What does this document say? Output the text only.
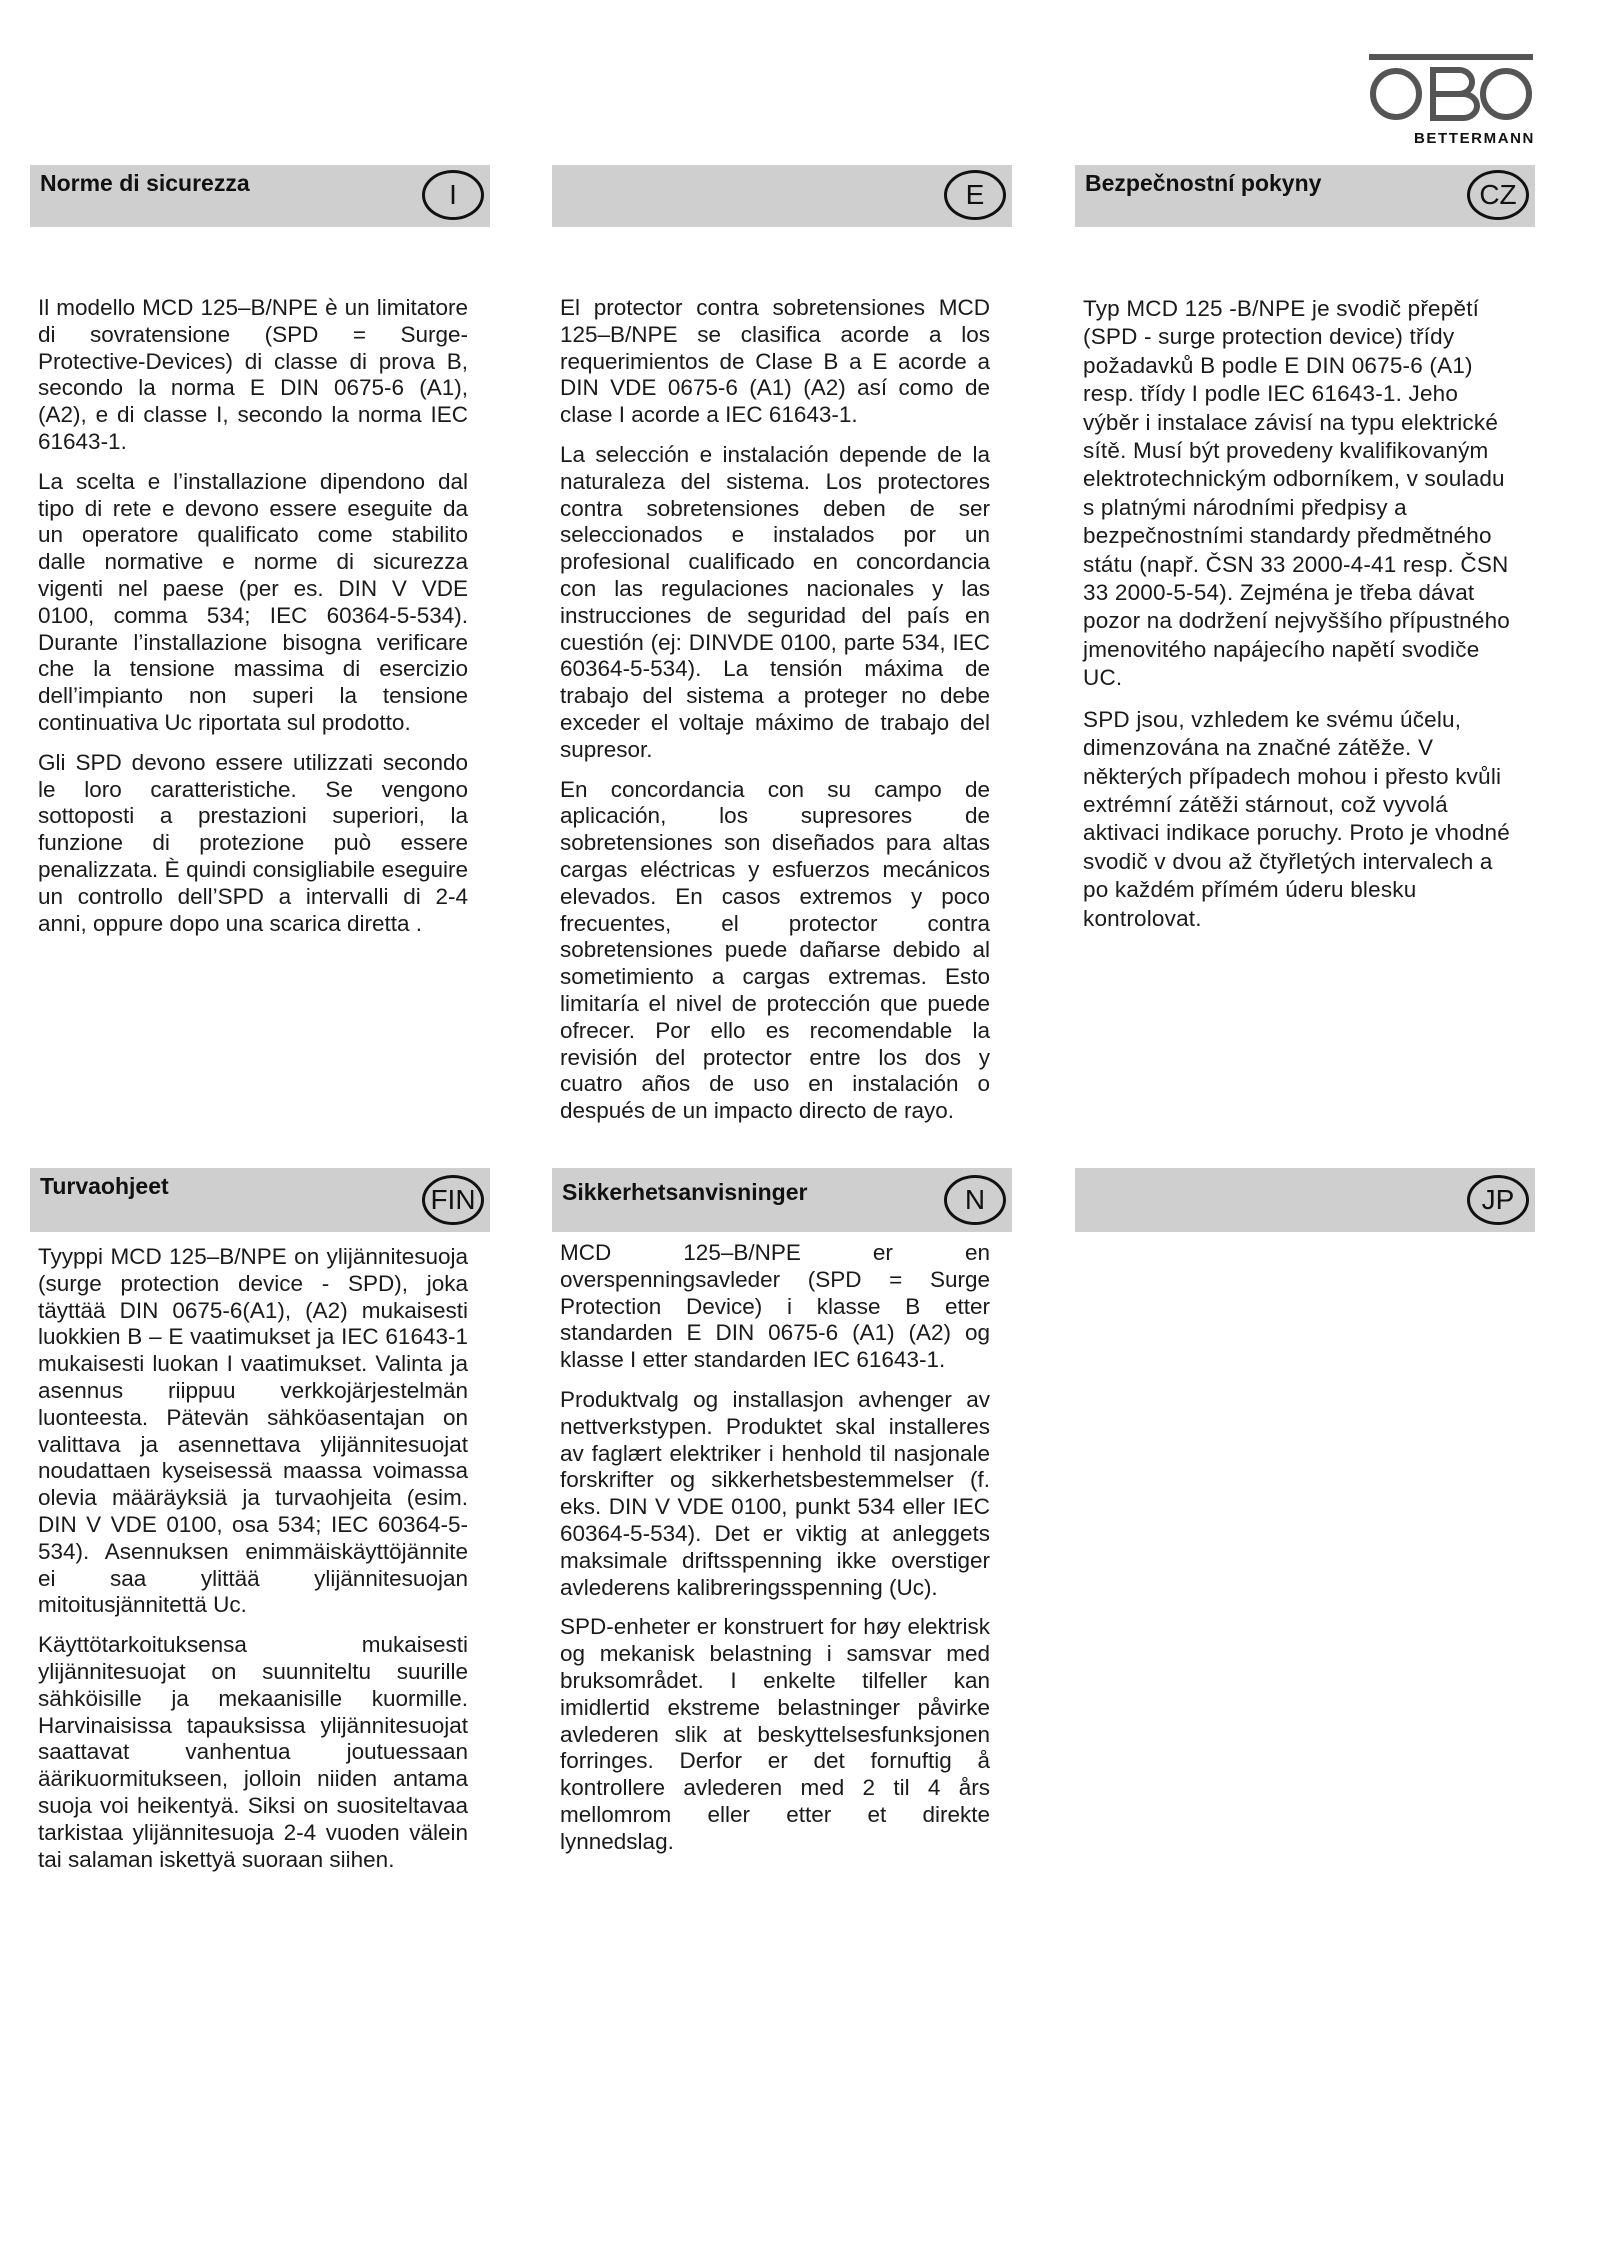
BETTERMANN
Norme di sicurezza	I

Il modello MCD 125–B/NPE è un limitatore di sovratensione (SPD = Surge- Protective-Devices) di classe di prova B, secondo la norma E DIN 0675-6 (A1), (A2), e di classe I, secondo la norma IEC 61643-1.

La scelta e l’installazione dipendono dal tipo di rete e devono essere eseguite da un operatore qualificato come stabilito dalle normative e norme di sicurezza vigenti nel paese (per es. DIN V VDE 0100, comma 534; IEC 60364-5-534). Durante l’installazione bisogna verificare che la tensione massima di esercizio dell’impianto non superi la tensione continuativa Uᴄ riportata sul prodotto.

Gli SPD devono essere utilizzati secondo le loro caratteristiche. Se vengono sottoposti a prestazioni superiori, la funzione di protezione può essere penalizzata. È quindi consigliabile eseguire un controllo dell’SPD a intervalli di 2-4 anni, oppure dopo una scarica diretta .

E

El protector contra sobretensiones MCD 125–B/NPE se clasifica acorde a los requerimientos de Clase B a E acorde a DIN VDE 0675-6 (A1) (A2) así como de clase I acorde a IEC 61643-1.

La selección e instalación depende de la naturaleza del sistema. Los protectores contra sobretensiones deben de ser seleccionados e instalados por un profesional cualificado en concordancia con las regulaciones nacionales y las instrucciones de seguridad del país en cuestión (ej: DINVDE 0100, parte 534, IEC 60364-5-534). La tensión máxima de trabajo del sistema a proteger no debe exceder el voltaje máximo de trabajo del supresor.

En concordancia con su campo de aplicación, los supresores de sobretensiones son diseñados para altas cargas eléctricas y esfuerzos mecánicos elevados. En casos extremos y poco frecuentes, el protector contra sobretensiones puede dañarse debido al sometimiento a cargas extremas. Esto limitaría el nivel de protección que puede ofrecer. Por ello es recomendable la revisión del protector entre los dos y cuatro años de uso en instalación o después de un impacto directo de rayo.

Bezpečnostní pokyny	CZ

Typ MCD 125 -B/NPE je svodič přepětí (SPD - surge protection device) třídy požadavků B podle E DIN 0675-6 (A1) resp. třídy I podle IEC 61643-1. Jeho výběr i instalace závisí na typu elektrické sítě. Musí být provedeny kvalifikovaným elektrotechnickým odborníkem, v souladu s platnými národními předpisy a bezpečnostními standardy předmětného státu (např. ČSN 33 2000-4-41 resp. ČSN 33 2000-5-54). Zejména je třeba dávat pozor na dodržení nejvyššího přípustného jmenovitého napájecího napětí svodiče UC.

SPD jsou, vzhledem ke svému účelu, dimenzována na značné zátěže. V některých případech mohou i přesto kvůli extrémní zátěži stárnout, což vyvolá aktivaci indikace poruchy. Proto je vhodné svodič v dvou až čtyřletých intervalech a po každém přímém úderu blesku kontrolovat.

Turvaohjeet	FIN

Tyyppi MCD 125–B/NPE on ylijännitesuoja (surge protection device - SPD), joka täyttää DIN 0675-6(A1), (A2) mukaisesti luokkien B – E vaatimukset ja IEC 61643-1 mukaisesti luokan I vaatimukset. Valinta ja asennus riippuu verkkojärjestelmän luonteesta. Pätevän sähköasentajan on valittava ja asennettava ylijännitesuojat noudattaen kyseisessä maassa voimassa olevia määräyksiä ja turvaohjeita (esim. DIN V VDE 0100, osa 534; IEC 60364-5-534). Asennuksen enimmäiskäyttöjännite ei saa ylittää ylijännitesuojan mitoitusjännitettä Uᴄ.

Käyttötarkoituksensa mukaisesti ylijännitesuojat on suunniteltu suurille sähköisille ja mekaanisille kuormille. Harvinaisissa tapauksissa ylijännitesuojat saattavat vanhentua joutuessaan äärikuormitukseen, jolloin niiden antama suoja voi heikentyä. Siksi on suositeltavaa tarkistaa ylijännitesuoja 2-4 vuoden välein tai salaman iskettyä suoraan siihen.

Sikkerhetsanvisninger	N

MCD 125–B/NPE er en overspenningsavleder (SPD = Surge Protection Device) i klasse B etter standarden E DIN 0675-6 (A1) (A2) og klasse I etter standarden IEC 61643-1.

Produktvalg og installasjon avhenger av nettverkstypen. Produktet skal installeres av faglært elektriker i henhold til nasjonale forskrifter og sikkerhetsbestemmelser (f. eks. DIN V VDE 0100, punkt 534 eller IEC 60364-5-534). Det er viktig at anleggets maksimale driftsspenning ikke overstiger avlederens kalibreringsspenning (Uᴄ).

SPD-enheter er konstruert for høy elektrisk og mekanisk belastning i samsvar med bruksområdet. I enkelte tilfeller kan imidlertid ekstreme belastninger påvirke avlederen slik at beskyttelsesfunksjonen forringes. Derfor er det fornuftig å kontrollere avlederen med 2 til 4 års mellomrom eller etter et direkte lynnedslag.

JP
